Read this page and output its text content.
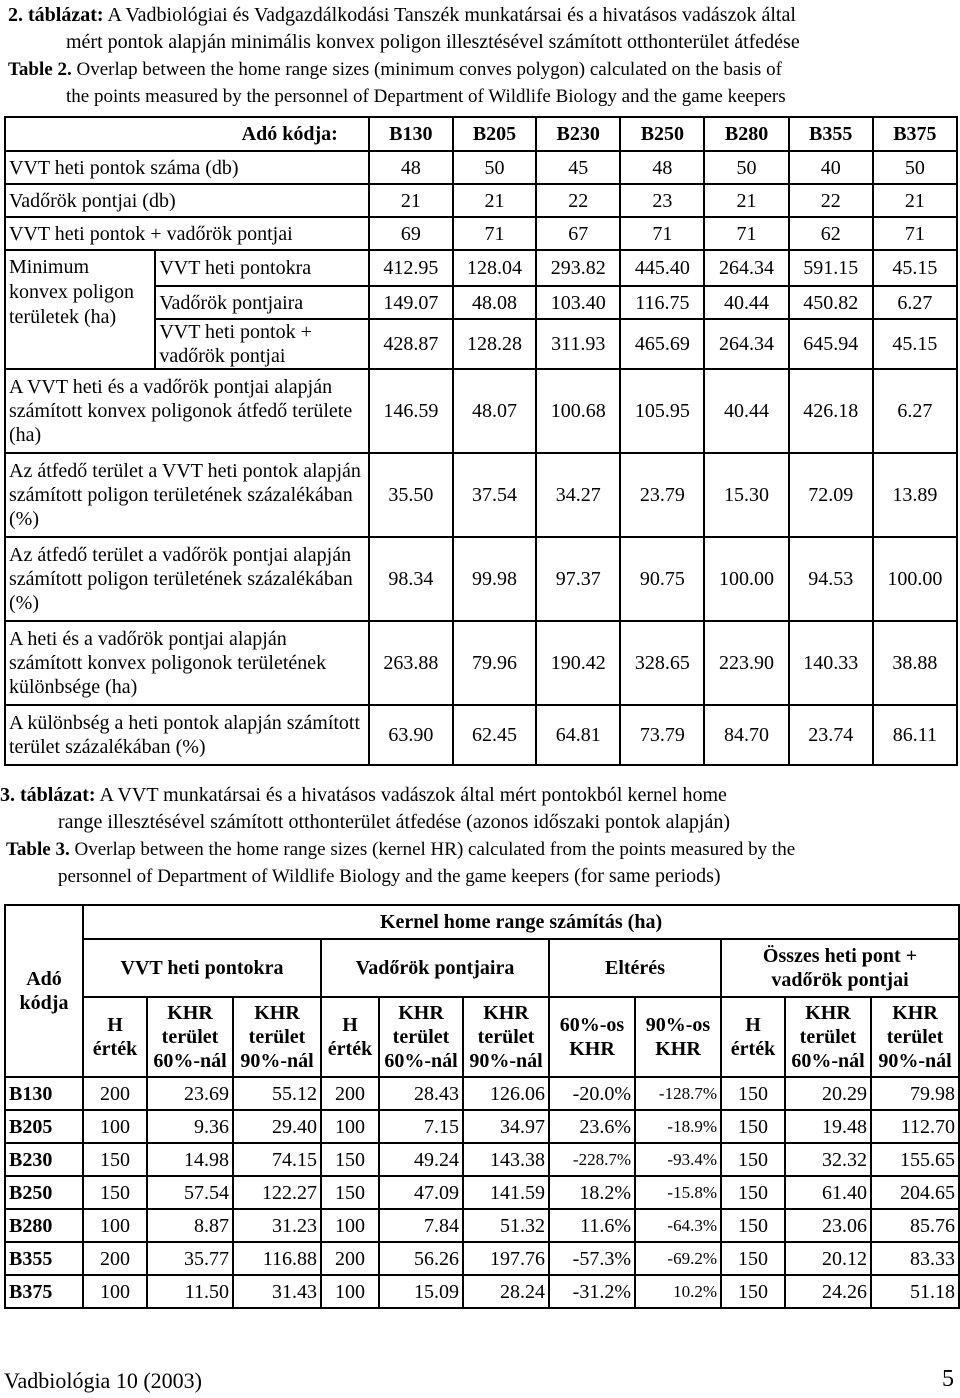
2. táblázat: A Vadbiológiai és Vadgazdálkodási Tanszék munkatársai és a hivatásos vadászok által
mért pontok alapján minimális konvex poligon illesztésével számított otthonterület átfedése
Table 2. Overlap between the home range sizes (minimum conves polygon) calculated on the basis of
the points measured by the personnel of Department of Wildlife Biology and the game keepers
Adó kódja:		B130	B205	B230	B250	B280	B355	B375
VVT heti pontok száma (db)		48	50	45	48	50	40	50
Vadőrök pontjai (db)		21	21	22	23	21	22	21
VVT heti pontok + vadőrök pontjai		69	71	67	71	71	62	71
Minimum konvex poligon területek (ha)	VVT heti pontokra	412.95	128.04	293.82	445.40	264.34	591.15	45.15
	Vadőrök pontjaira	149.07	48.08	103.40	116.75	40.44	450.82	6.27
	VVT heti pontok + vadőrök pontjai	428.87	128.28	311.93	465.69	264.34	645.94	45.15
A VVT heti és a vadőrök pontjai alapján számított konvex poligonok átfedő területe (ha)		146.59	48.07	100.68	105.95	40.44	426.18	6.27
Az átfedő terület a VVT heti pontok alapján számított poligon területének százalékában (%)		35.50	37.54	34.27	23.79	15.30	72.09	13.89
Az átfedő terület a vadőrök pontjai alapján számított poligon területének százalékában (%)		98.34	99.98	97.37	90.75	100.00	94.53	100.00
A heti és a vadőrök pontjai alapján számított konvex poligonok területének különbsége (ha)		263.88	79.96	190.42	328.65	223.90	140.33	38.88
A különbség a heti pontok alapján számított terület százalékában (%)		63.90	62.45	64.81	73.79	84.70	23.74	86.11
3. táblázat: A VVT munkatársai és a hivatásos vadászok által mért pontokból kernel home
range illesztésével számított otthonterület átfedése (azonos időszaki pontok alapján)
Table 3. Overlap between the home range sizes (kernel HR) calculated from the points measured by the
personnel of Department of Wildlife Biology and the game keepers (for same periods)
Adó kódja	Kernel home range számítás (ha)										
	VVT heti pontokra			Vadőrök pontjaira			Eltérés		Összes heti pont + vadőrök pontjai		
	H érték	KHR terület 60%-nál	KHR terület 90%-nál	H érték	KHR terület 60%-nál	KHR terület 90%-nál	60%-os KHR	90%-os KHR	H érték	KHR terület 60%-nál	KHR terület 90%-nál
B130	200	23.69	55.12	200	28.43	126.06	-20.0%	-128.7%	150	20.29	79.98
B205	100	9.36	29.40	100	7.15	34.97	23.6%	-18.9%	150	19.48	112.70
B230	150	14.98	74.15	150	49.24	143.38	-228.7%	-93.4%	150	32.32	155.65
B250	150	57.54	122.27	150	47.09	141.59	18.2%	-15.8%	150	61.40	204.65
B280	100	8.87	31.23	100	7.84	51.32	11.6%	-64.3%	150	23.06	85.76
B355	200	35.77	116.88	200	56.26	197.76	-57.3%	-69.2%	150	20.12	83.33
B375	100	11.50	31.43	100	15.09	28.24	-31.2%	10.2%	150	24.26	51.18
Vadbiológia 10 (2003)	5
